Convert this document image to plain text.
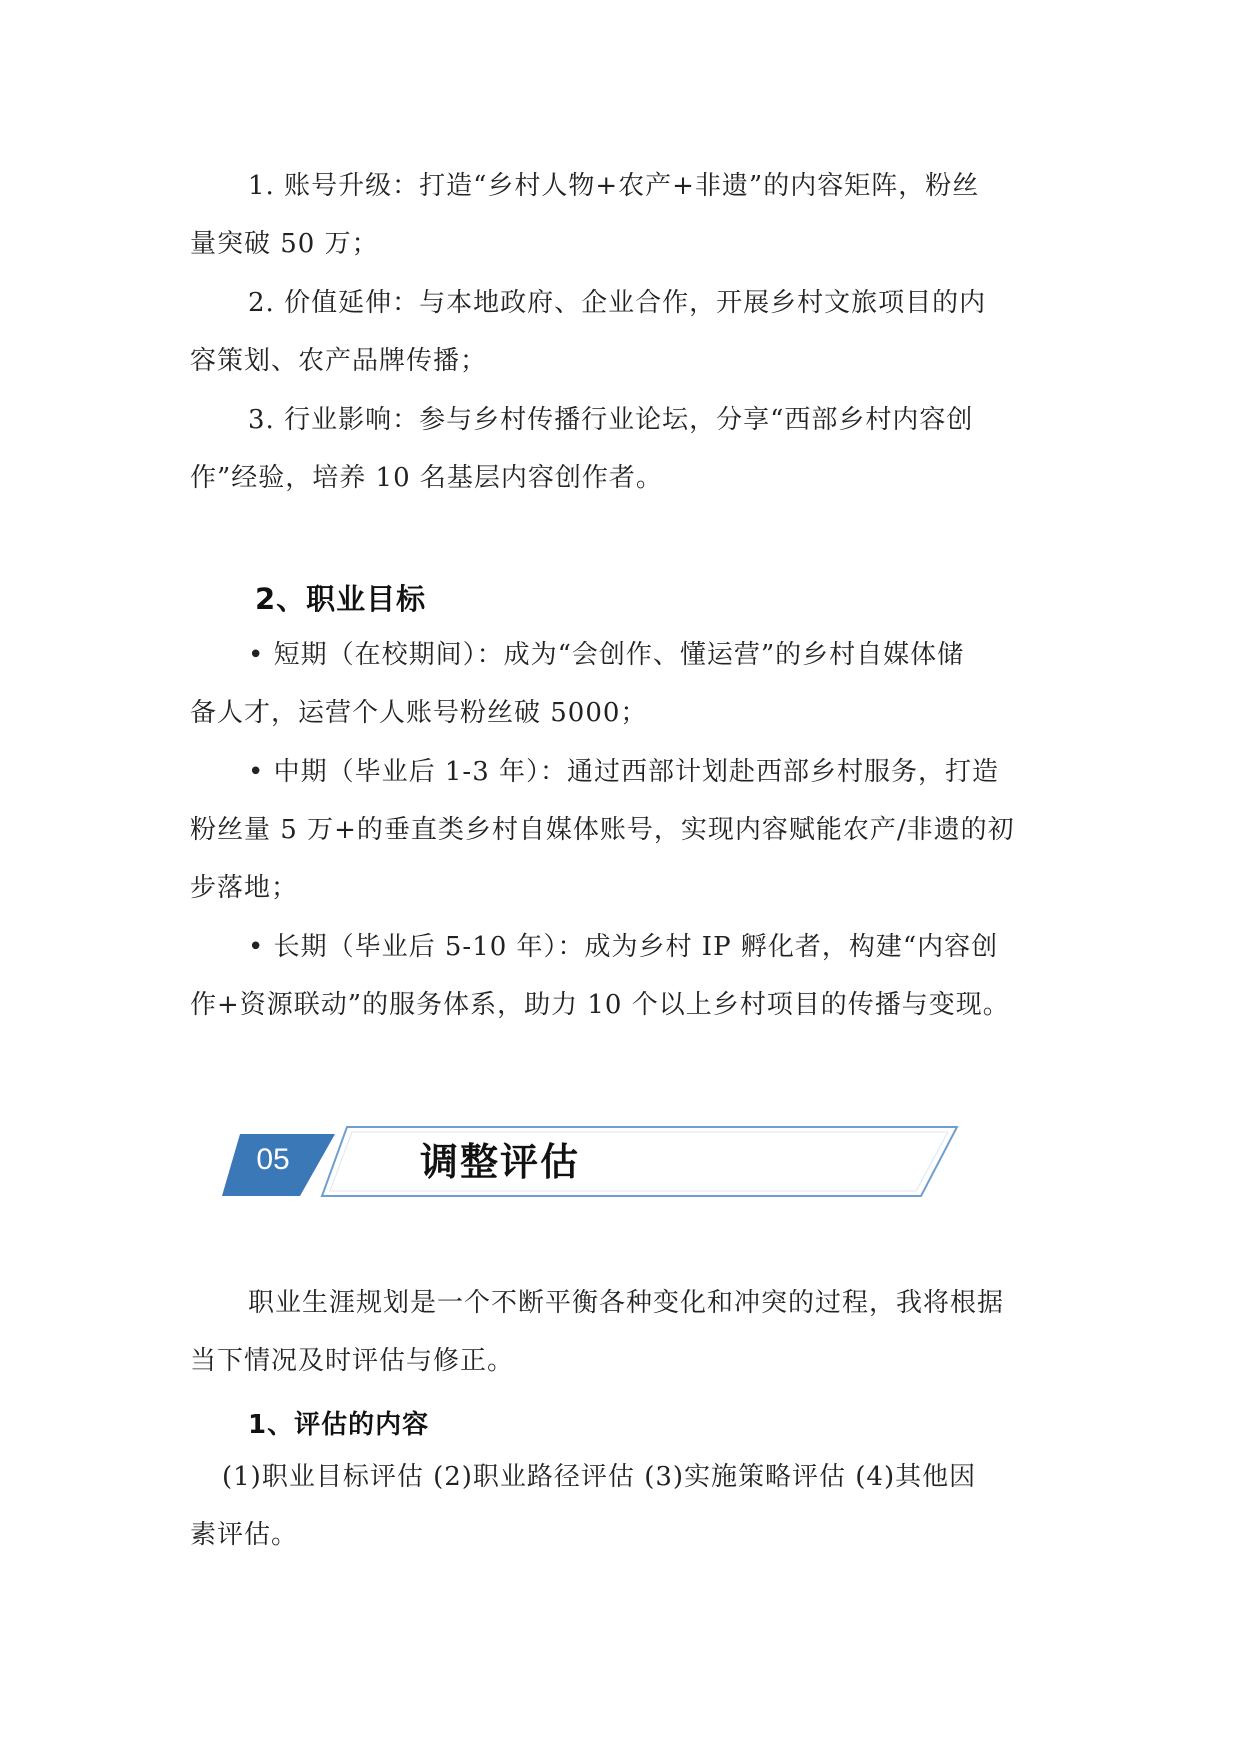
1. 账号升级：打造“乡村人物+农产+非遗”的内容矩阵，粉丝

量突破 50 万；

2. 价值延伸：与本地政府、企业合作，开展乡村文旅项目的内

容策划、农产品牌传播；

3. 行业影响：参与乡村传播行业论坛，分享“西部乡村内容创

作”经验，培养 10 名基层内容创作者。

2、职业目标

• 短期（在校期间）：成为“会创作、懂运营”的乡村自媒体储

备人才，运营个人账号粉丝破 5000；

• 中期（毕业后 1-3 年）：通过西部计划赴西部乡村服务，打造

粉丝量 5 万+的垂直类乡村自媒体账号，实现内容赋能农产/非遗的初

步落地；

• 长期（毕业后 5-10 年）：成为乡村 IP 孵化者，构建“内容创

作+资源联动”的服务体系，助力 10 个以上乡村项目的传播与变现。

05	调整评估

职业生涯规划是一个不断平衡各种变化和冲突的过程，我将根据

当下情况及时评估与修正。

1、评估的内容

(1)职业目标评估 (2)职业路径评估 (3)实施策略评估 (4)其他因

素评估。
